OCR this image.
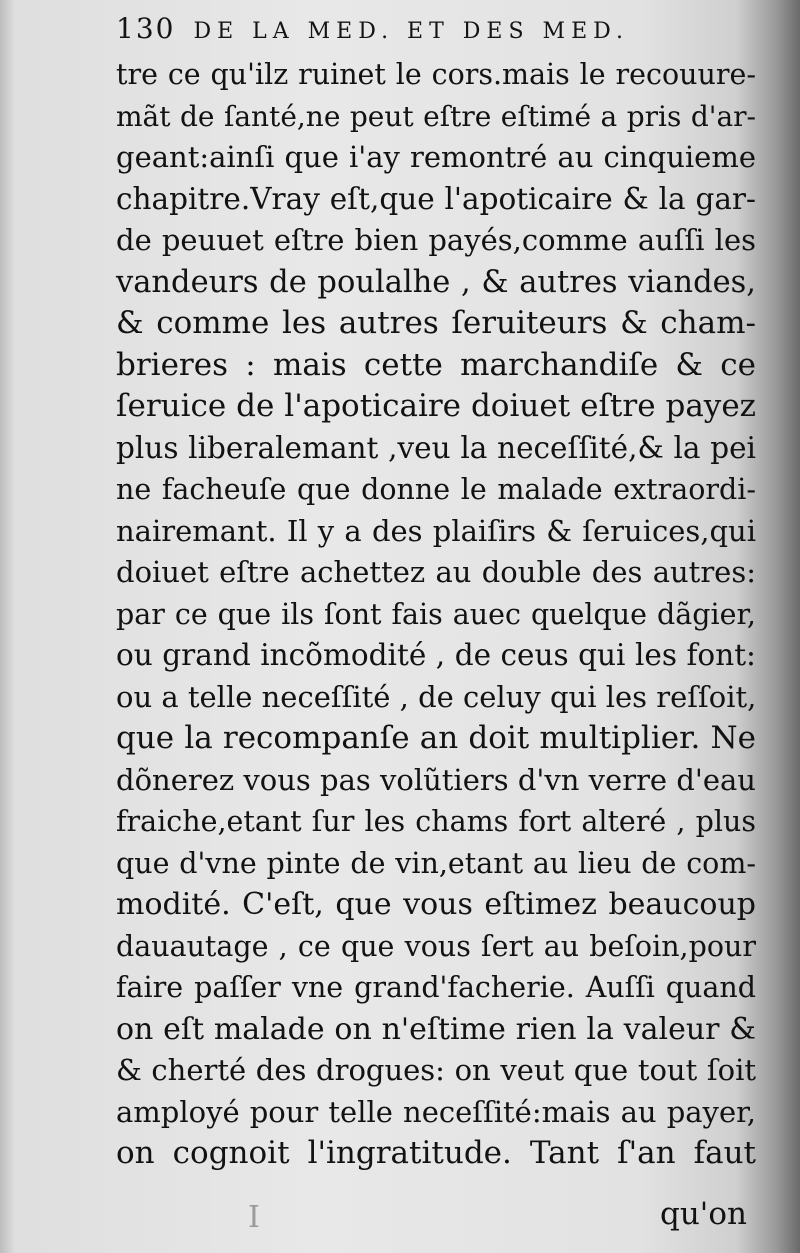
130 DE LA MED. ET DES MED.
tre ce qu'ilz ruinet le cors.mais le recouure-
mãt de ſanté,ne peut eſtre eſtimé a pris d'ar-
geant:ainſi que i'ay remontré au cinquieme
chapitre.Vray eſt,que l'apoticaire & la gar-
de peuuet eſtre bien payés,comme auſſi les
vandeurs de poulalhe , & autres viandes,
& comme les autres ſeruiteurs & cham-
brieres : mais cette marchandiſe & ce
ſeruice de l'apoticaire doiuet eſtre payez
plus liberalemant ,veu la neceſſité,& la pei
ne facheuſe que donne le malade extraordi-
nairemant. Il y a des plaiſirs & ſeruices,qui
doiuet eſtre achettez au double des autres:
par ce que ils ſont fais auec quelque dãgier,
ou grand incõmodité , de ceus qui les font:
ou a telle neceſſité , de celuy qui les reſſoit,
que la recompanſe an doit multiplier. Ne
dõnerez vous pas volũtiers d'vn verre d'eau
fraiche,etant ſur les chams fort alteré , plus
que d'vne pinte de vin,etant au lieu de com-
modité. C'eſt, que vous eſtimez beaucoup
dauautage , ce que vous ſert au beſoin,pour
faire paſſer vne grand'facherie. Auſſi quand
on eſt malade on n'eſtime rien la valeur &
& cherté des drogues: on veut que tout ſoit
amployé pour telle neceſſité:mais au payer,
on cognoit l'ingratitude. Tant ſ'an faut
I	qu'on
